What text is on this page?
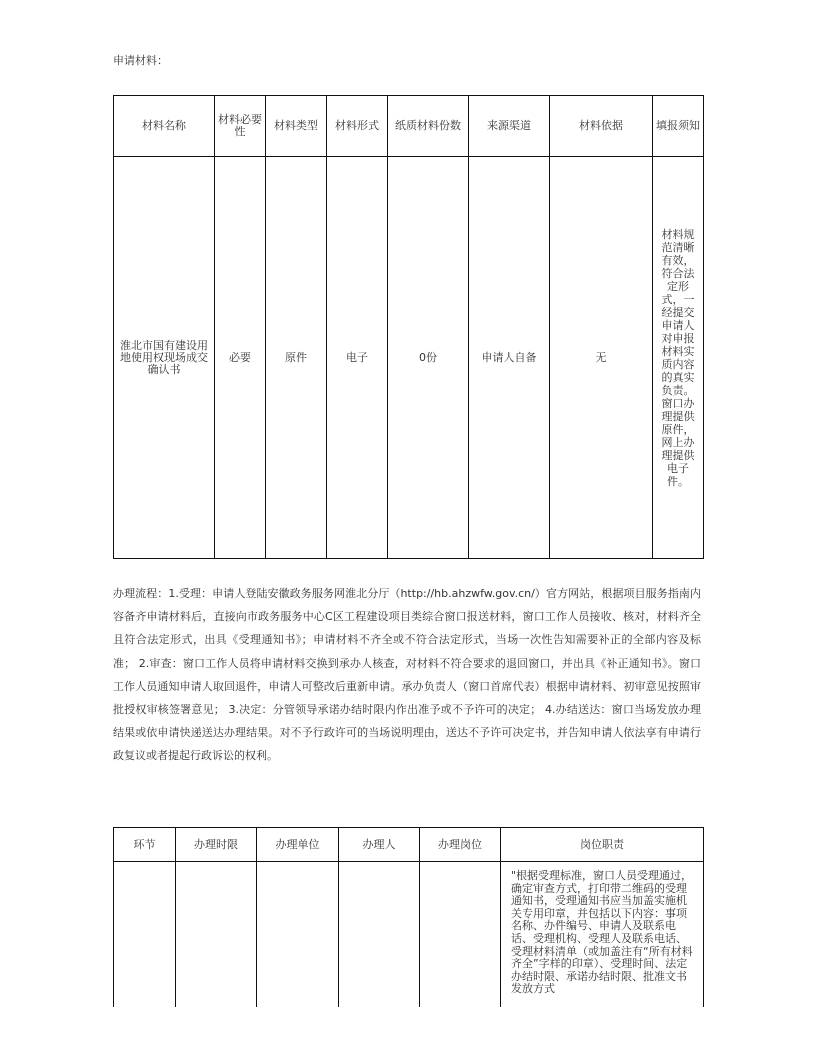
申请材料：
材料名称	材料必要性	材料类型	材料形式	纸质材料份数	来源渠道	材料依据	填报须知
淮北市国有建设用地使用权现场成交确认书	必要	原件	电子	0份	申请人自备	无	材料规范清晰有效，符合法定形式，一经提交申请人对申报材料实质内容的真实负责。窗口办理提供原件，网上办理提供电子件。
办理流程：1.受理：申请人登陆安徽政务服务网淮北分厅（http://hb.ahzwfw.gov.cn/）官方网站，根据项目服务指南内容备齐申请材料后，直接向市政务服务中心C区工程建设项目类综合窗口报送材料，窗口工作人员接收、核对，材料齐全且符合法定形式，出具《受理通知书》；申请材料不齐全或不符合法定形式，当场一次性告知需要补正的全部内容及标准； 2.审查：窗口工作人员将申请材料交换到承办人核查，对材料不符合要求的退回窗口，并出具《补正通知书》。窗口工作人员通知申请人取回退件，申请人可整改后重新申请。承办负责人（窗口首席代表）根据申请材料、初审意见按照审批授权审核签署意见； 3.决定：分管领导承诺办结时限内作出准予或不予许可的决定； 4.办结送达：窗口当场发放办理结果或依申请快递送达办理结果。对不予行政许可的当场说明理由，送达不予许可决定书，并告知申请人依法享有申请行政复议或者提起行政诉讼的权利。
环节	办理时限	办理单位	办理人	办理岗位	岗位职责
					"根据受理标准，窗口人员受理通过，确定审查方式，打印带二维码的受理通知书，受理通知书应当加盖实施机关专用印章，并包括以下内容：事项名称、办件编号、申请人及联系电话、受理机构、受理人及联系电话、受理材料清单（或加盖注有“所有材料齐全”字样的印章）、受理时间、法定办结时限、承诺办结时限、批准文书发放方式
